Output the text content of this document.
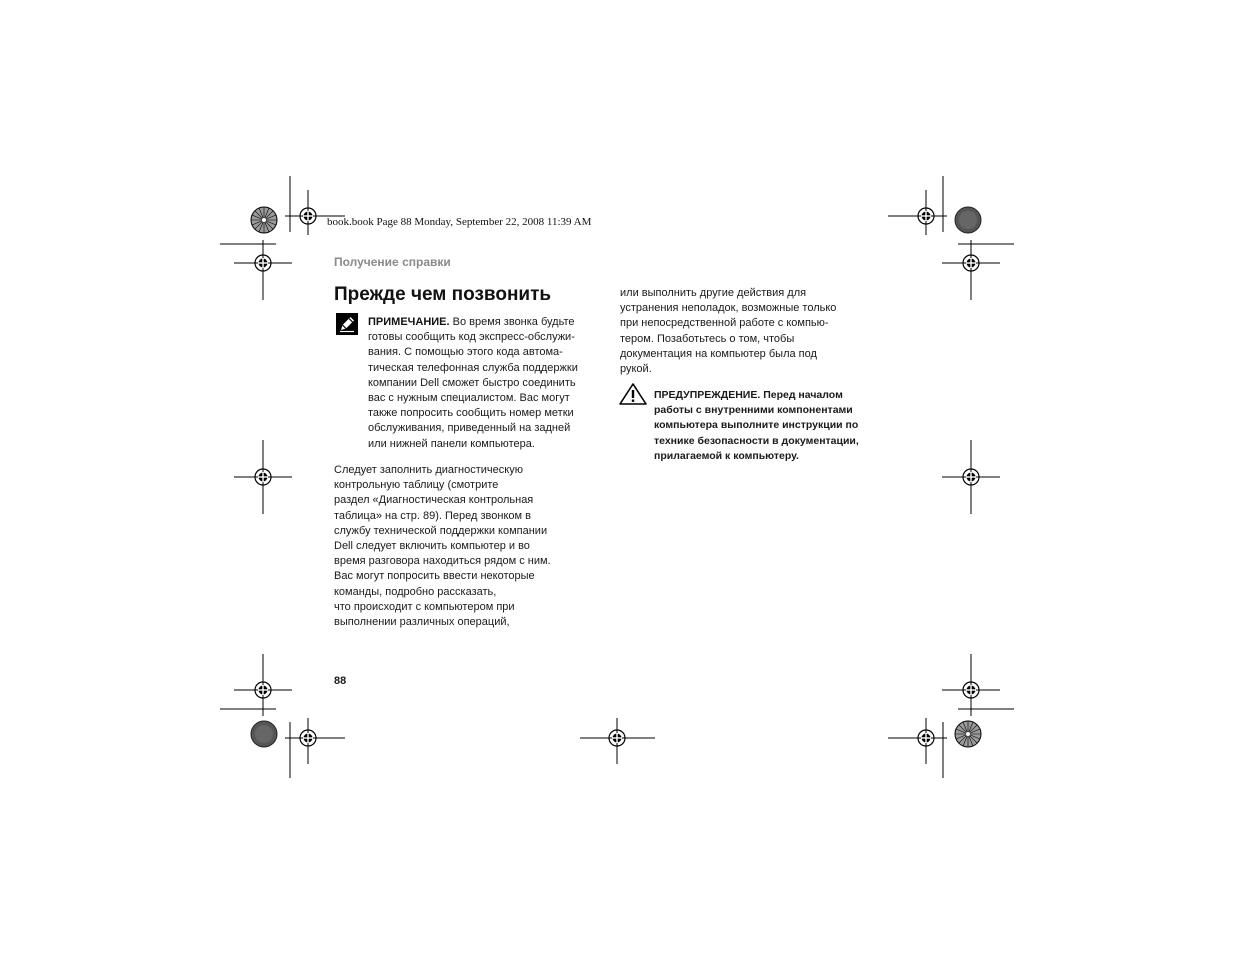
book.book Page 88 Monday, September 22, 2008 11:39 AM
Получение справки
Прежде чем позвонить
ПРИМЕЧАНИЕ. Во время звонка будьте
готовы сообщить код экспресс-обслужи-
вания. С помощью этого кода автома-
тическая телефонная служба поддержки
компании Dell сможет быстро соединить
вас с нужным специалистом. Вас могут
также попросить сообщить номер метки
обслуживания, приведенный на задней
или нижней панели компьютера.
Следует заполнить диагностическую
контрольную таблицу (смотрите
раздел «Диагностическая контрольная
таблица» на стр. 89). Перед звонком в
службу технической поддержки компании
Dell следует включить компьютер и во
время разговора находиться рядом с ним.
Вас могут попросить ввести некоторые
команды, подробно рассказать,
что происходит с компьютером при
выполнении различных операций,
или выполнить другие действия для
устранения неполадок, возможные только
при непосредственной работе с компью-
тером. Позаботьтесь о том, чтобы
документация на компьютер была под
рукой.
ПРЕДУПРЕЖДЕНИЕ. Перед началом
работы с внутренними компонентами
компьютера выполните инструкции по
технике безопасности в документации,
прилагаемой к компьютеру.
88
